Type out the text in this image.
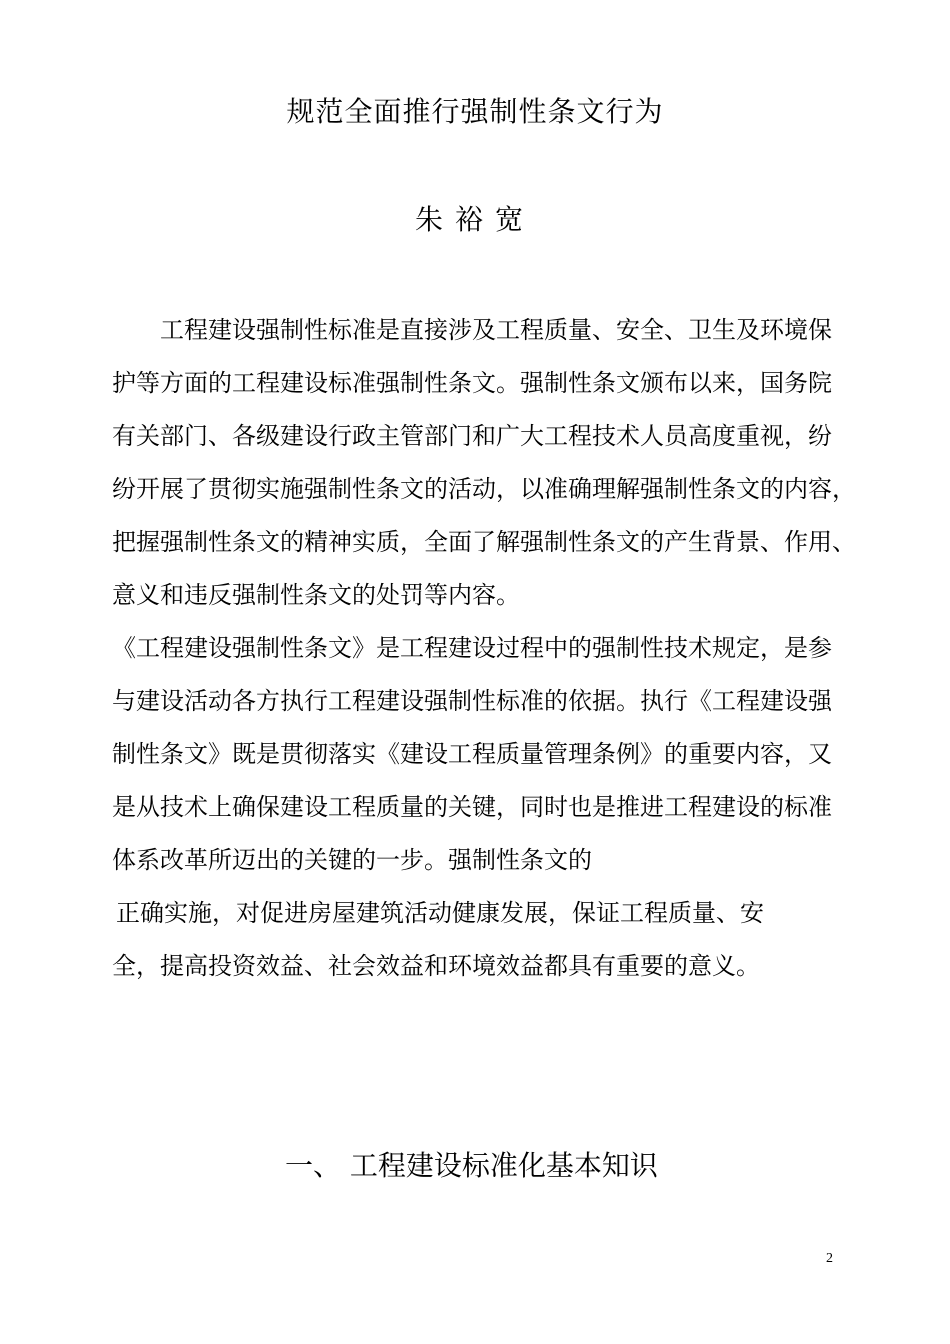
规范全面推行强制性条文行为
朱裕宽
工程建设强制性标准是直接涉及工程质量、安全、卫生及环境保
护等方面的工程建设标准强制性条文。强制性条文颁布以来，国务院
有关部门、各级建设行政主管部门和广大工程技术人员高度重视，纷
纷开展了贯彻实施强制性条文的活动，以准确理解强制性条文的内容，
把握强制性条文的精神实质，全面了解强制性条文的产生背景、作用、
意义和违反强制性条文的处罚等内容。
《工程建设强制性条文》是工程建设过程中的强制性技术规定，是参
与建设活动各方执行工程建设强制性标准的依据。执行《工程建设强
制性条文》既是贯彻落实《建设工程质量管理条例》的重要内容，又
是从技术上确保建设工程质量的关键，同时也是推进工程建设的标准
体系改革所迈出的关键的一步。强制性条文的
正确实施，对促进房屋建筑活动健康发展，保证工程质量、安
全，提高投资效益、社会效益和环境效益都具有重要的意义。
一、 工程建设标准化基本知识
2
